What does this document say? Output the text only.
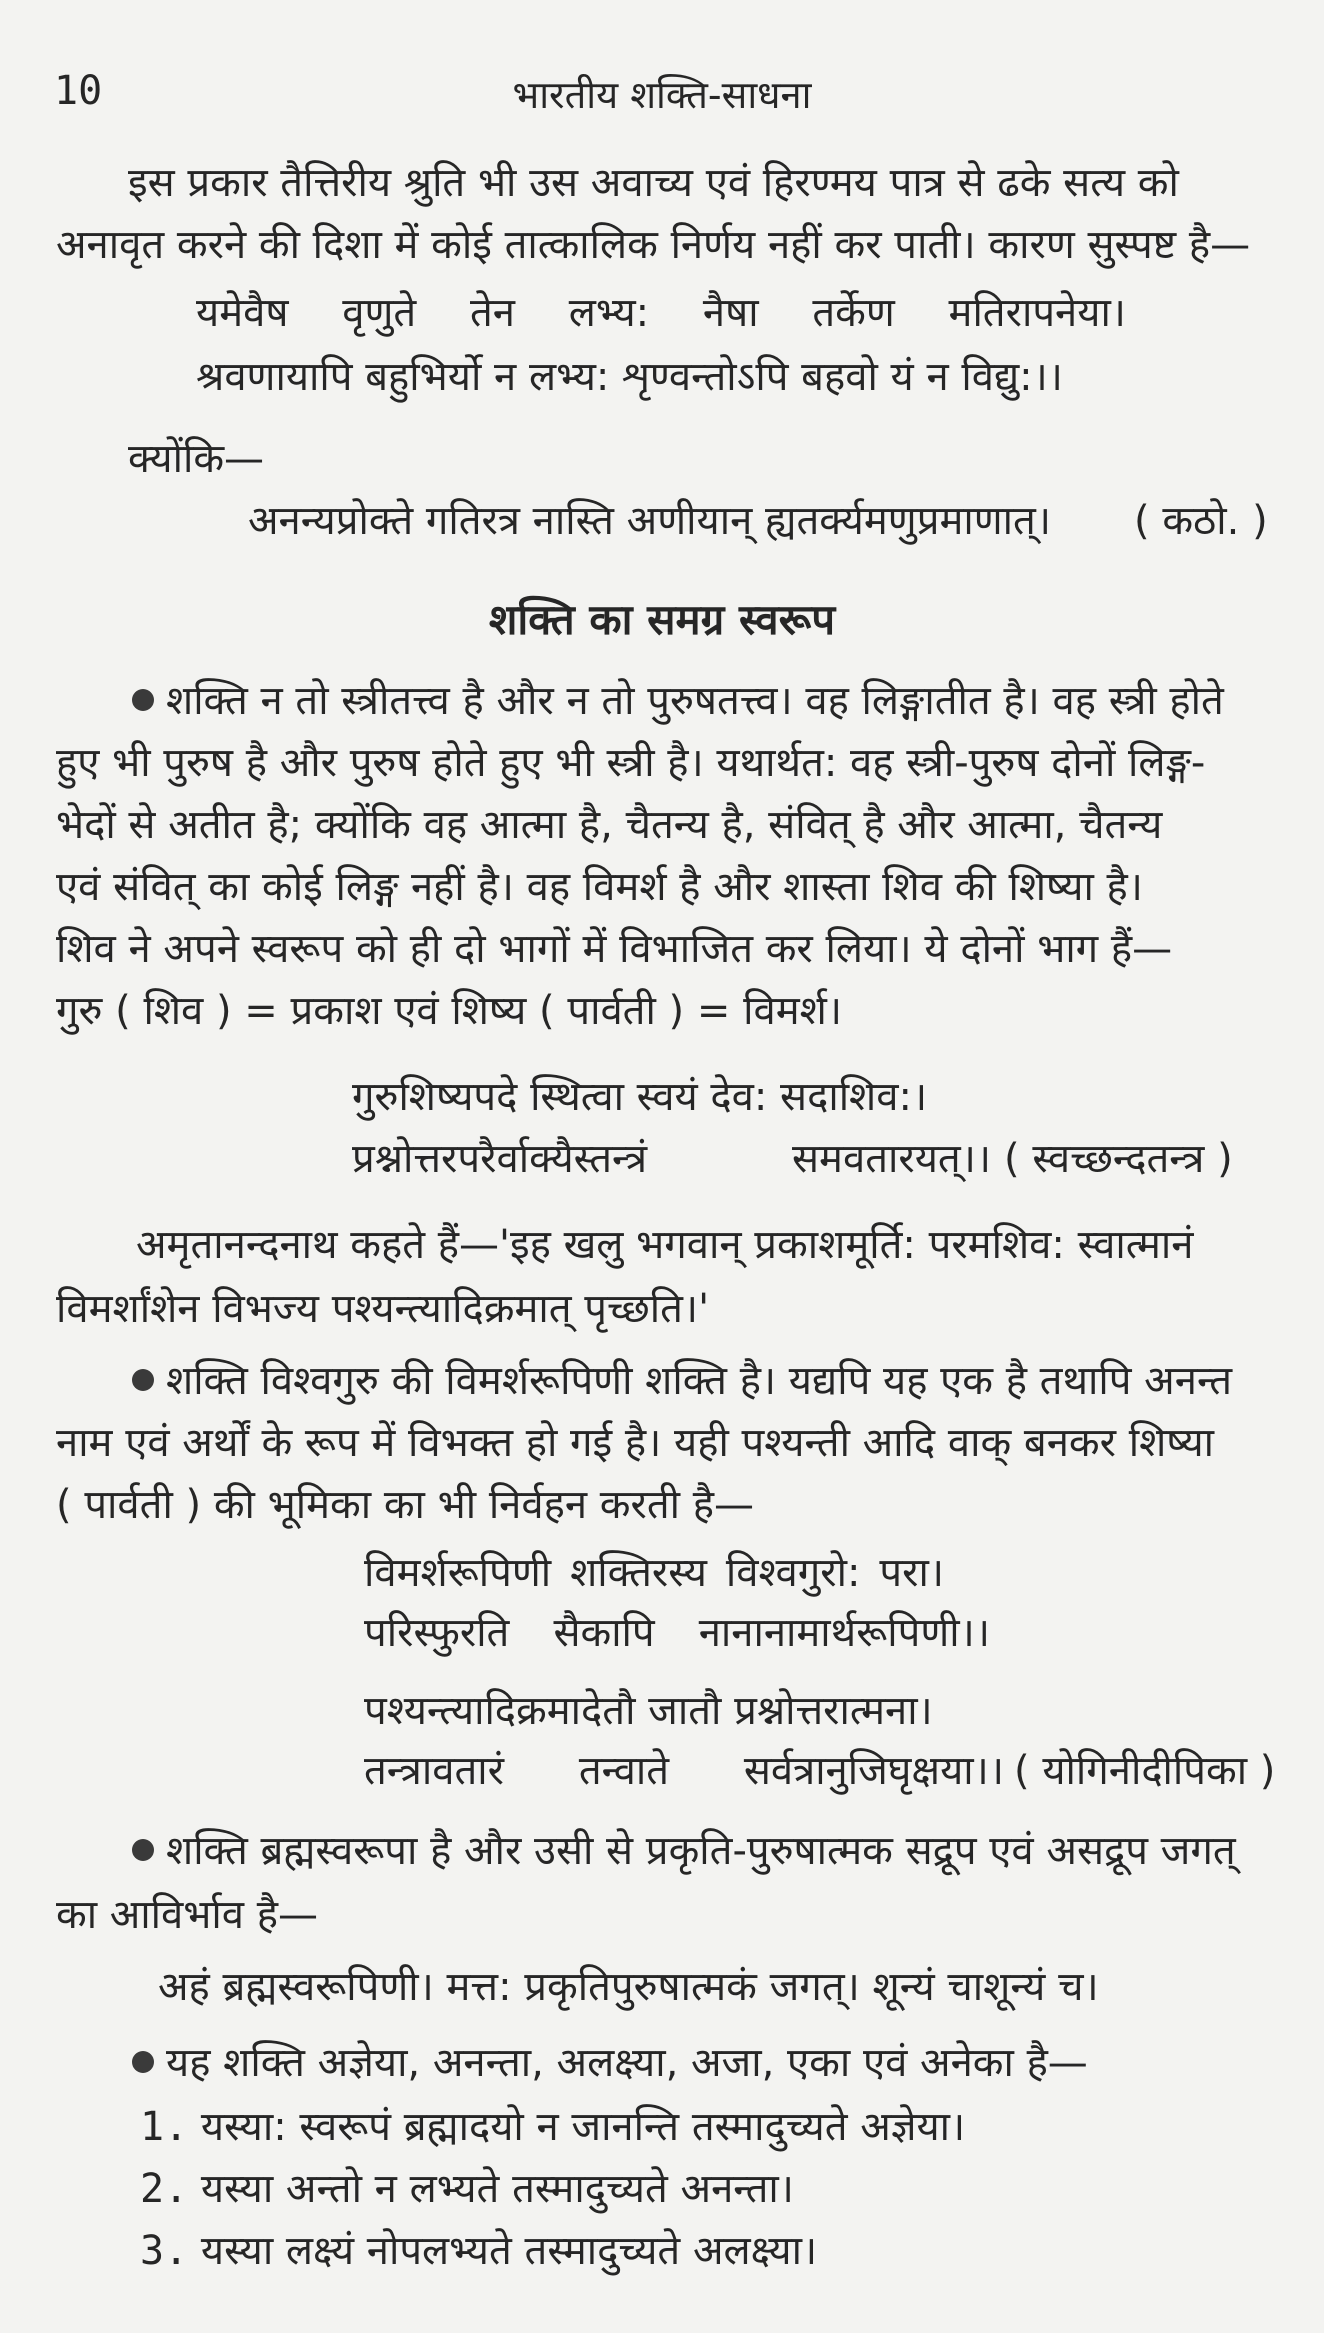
10	भारतीय शक्ति-साधना
इस प्रकार तैत्तिरीय श्रुति भी उस अवाच्य एवं हिरण्मय पात्र से ढके सत्य को
अनावृत करने की दिशा में कोई तात्कालिक निर्णय नहीं कर पाती। कारण सुस्पष्ट है—
यमेवैष वृणुते तेन लभ्य: नैषा तर्केण मतिरापनेया।
श्रवणायापि बहुभिर्यो न लभ्य: शृण्वन्तोऽपि बहवो यं न विद्यु:।।
क्योंकि—
अनन्यप्रोक्ते गतिरत्र नास्ति अणीयान् ह्यतर्क्यमणुप्रमाणात्। ( कठो. )
शक्ति का समग्र स्वरूप
शक्ति न तो स्त्रीतत्त्व है और न तो पुरुषतत्त्व। वह लिङ्गातीत है। वह स्त्री होते
हुए भी पुरुष है और पुरुष होते हुए भी स्त्री है। यथार्थत: वह स्त्री-पुरुष दोनों लिङ्ग-
भेदों से अतीत है; क्योंकि वह आत्मा है, चैतन्य है, संवित् है और आत्मा, चैतन्य
एवं संवित् का कोई लिङ्ग नहीं है। वह विमर्श है और शास्ता शिव की शिष्या है।
शिव ने अपने स्वरूप को ही दो भागों में विभाजित कर लिया। ये दोनों भाग हैं—
गुरु ( शिव ) = प्रकाश एवं शिष्य ( पार्वती ) = विमर्श।
गुरुशिष्यपदे स्थित्वा स्वयं देव: सदाशिव:।
प्रश्नोत्तरपरैर्वाक्यैस्तन्त्रं	समवतारयत्।। ( स्वच्छन्दतन्त्र )
अमृतानन्दनाथ कहते हैं—'इह खलु भगवान् प्रकाशमूर्ति: परमशिव: स्वात्मानं
विमर्शांशेन विभज्य पश्यन्त्यादिक्रमात् पृच्छति।'
शक्ति विश्वगुरु की विमर्शरूपिणी शक्ति है। यद्यपि यह एक है तथापि अनन्त
नाम एवं अर्थों के रूप में विभक्त हो गई है। यही पश्यन्ती आदि वाक् बनकर शिष्या
( पार्वती ) की भूमिका का भी निर्वहन करती है—
विमर्शरूपिणी शक्तिरस्य विश्वगुरो: परा।
परिस्फुरति सैकापि नानानामार्थरूपिणी।।
पश्यन्त्यादिक्रमादेतौ जातौ प्रश्नोत्तरात्मना।
तन्त्रावतारं तन्वाते सर्वत्रानुजिघृक्षया।। ( योगिनीदीपिका )
शक्ति ब्रह्मस्वरूपा है और उसी से प्रकृति-पुरुषात्मक सद्रूप एवं असद्रूप जगत्
का आविर्भाव है—
अहं ब्रह्मस्वरूपिणी। मत्त: प्रकृतिपुरुषात्मकं जगत्। शून्यं चाशून्यं च।
यह शक्ति अज्ञेया, अनन्ता, अलक्ष्या, अजा, एका एवं अनेका है—
1. यस्या: स्वरूपं ब्रह्मादयो न जानन्ति तस्मादुच्यते अज्ञेया।
2. यस्या अन्तो न लभ्यते तस्मादुच्यते अनन्ता।
3. यस्या लक्ष्यं नोपलभ्यते तस्मादुच्यते अलक्ष्या।
